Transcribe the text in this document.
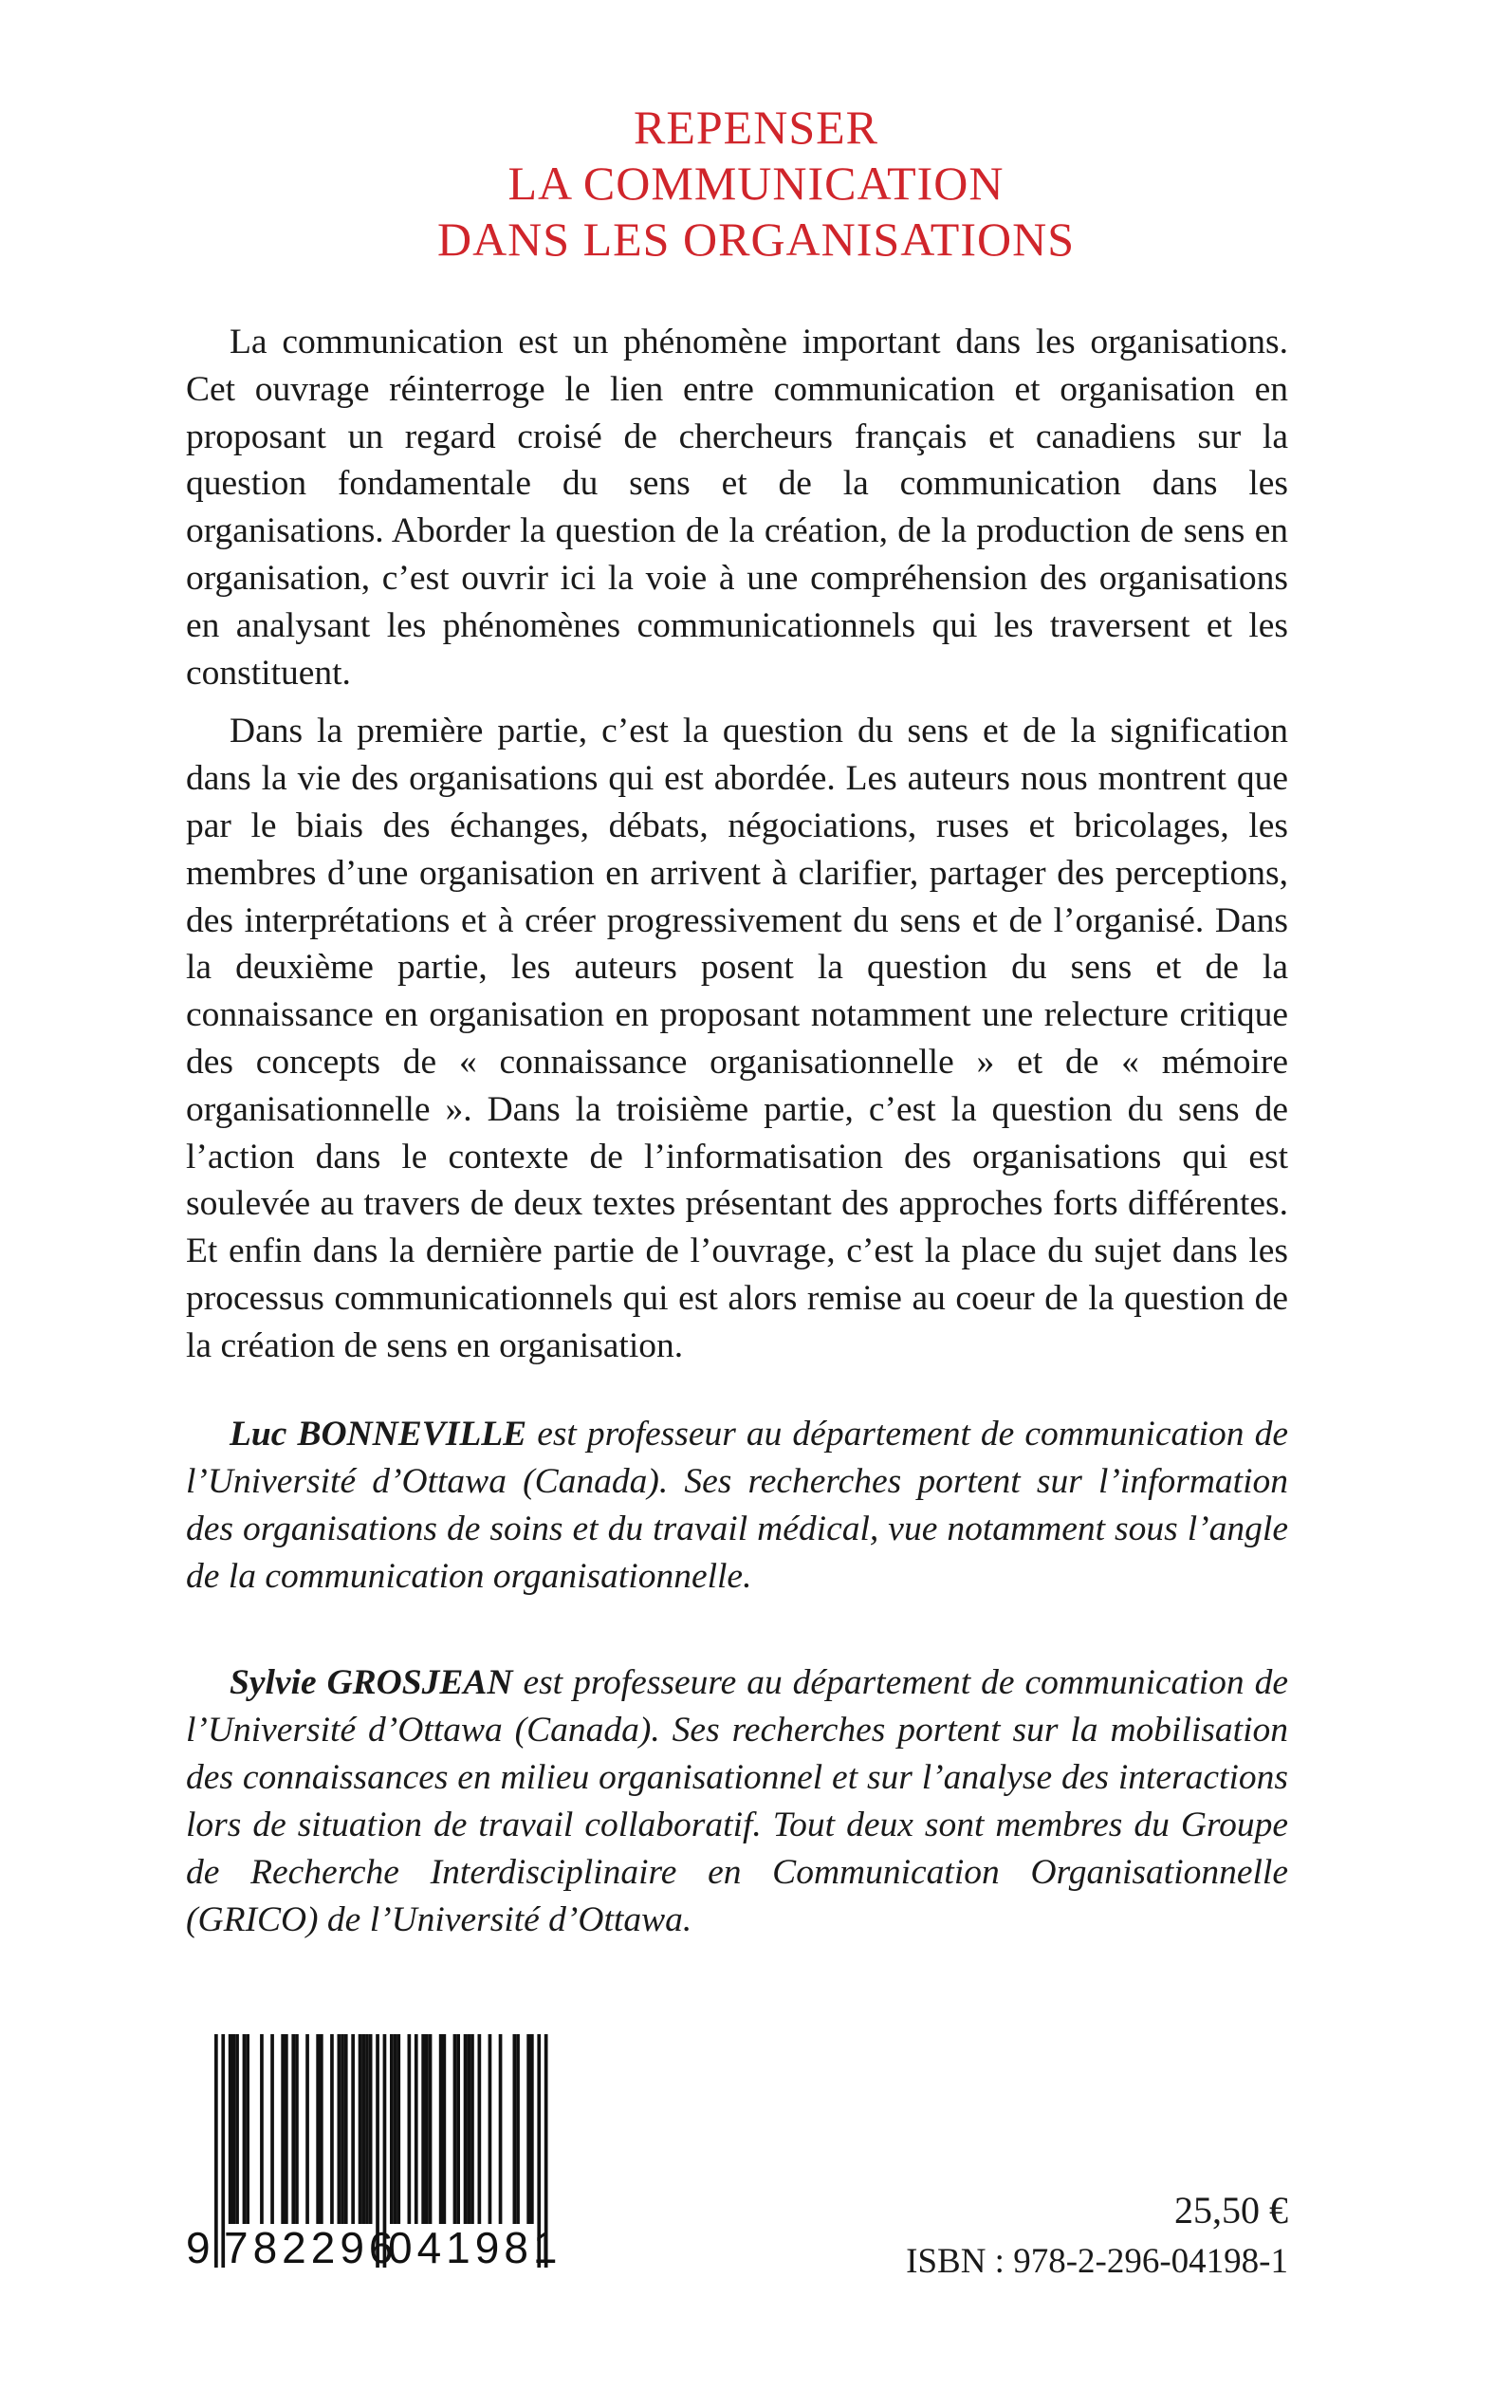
REPENSER
LA COMMUNICATION
DANS LES ORGANISATIONS

La communication est un phénomène important dans les organisations. Cet ouvrage réinterroge le lien entre communication et organisation en proposant un regard croisé de chercheurs français et canadiens sur la question fondamentale du sens et de la communication dans les organisations. Aborder la question de la création, de la production de sens en organisation, c’est ouvrir ici la voie à une compréhension des organisations en analysant les phénomènes communicationnels qui les traversent et les constituent.

Dans la première partie, c’est la question du sens et de la signification dans la vie des organisations qui est abordée. Les auteurs nous montrent que par le biais des échanges, débats, négociations, ruses et bricolages, les membres d’une organisation en arrivent à clarifier, partager des perceptions, des interprétations et à créer progressivement du sens et de l’organisé. Dans la deuxième partie, les auteurs posent la question du sens et de la connaissance en organisation en proposant notamment une relecture critique des concepts de « connaissance organisationnelle » et de « mémoire organisationnelle ». Dans la troisième partie, c’est la question du sens de l’action dans le contexte de l’informatisation des organisations qui est soulevée au travers de deux textes présentant des approches forts différentes. Et enfin dans la dernière partie de l’ouvrage, c’est la place du sujet dans les processus communicationnels qui est alors remise au coeur de la question de la création de sens en organisation.

Luc BONNEVILLE est professeur au département de communication de l’Université d’Ottawa (Canada). Ses recherches portent sur l’information des organisations de soins et du travail médical, vue notamment sous l’angle de la communication organisationnelle.

Sylvie GROSJEAN est professeure au département de communication de l’Université d’Ottawa (Canada). Ses recherches portent sur la mobilisation des connaissances en milieu organisationnel et sur l’analyse des interactions lors de situation de travail collaboratif. Tout deux sont membres du Groupe de Recherche Interdisciplinaire en Communication Organisationnelle (GRICO) de l’Université d’Ottawa.

9 782296
041981
25,50 €
ISBN : 978-2-296-04198-1
